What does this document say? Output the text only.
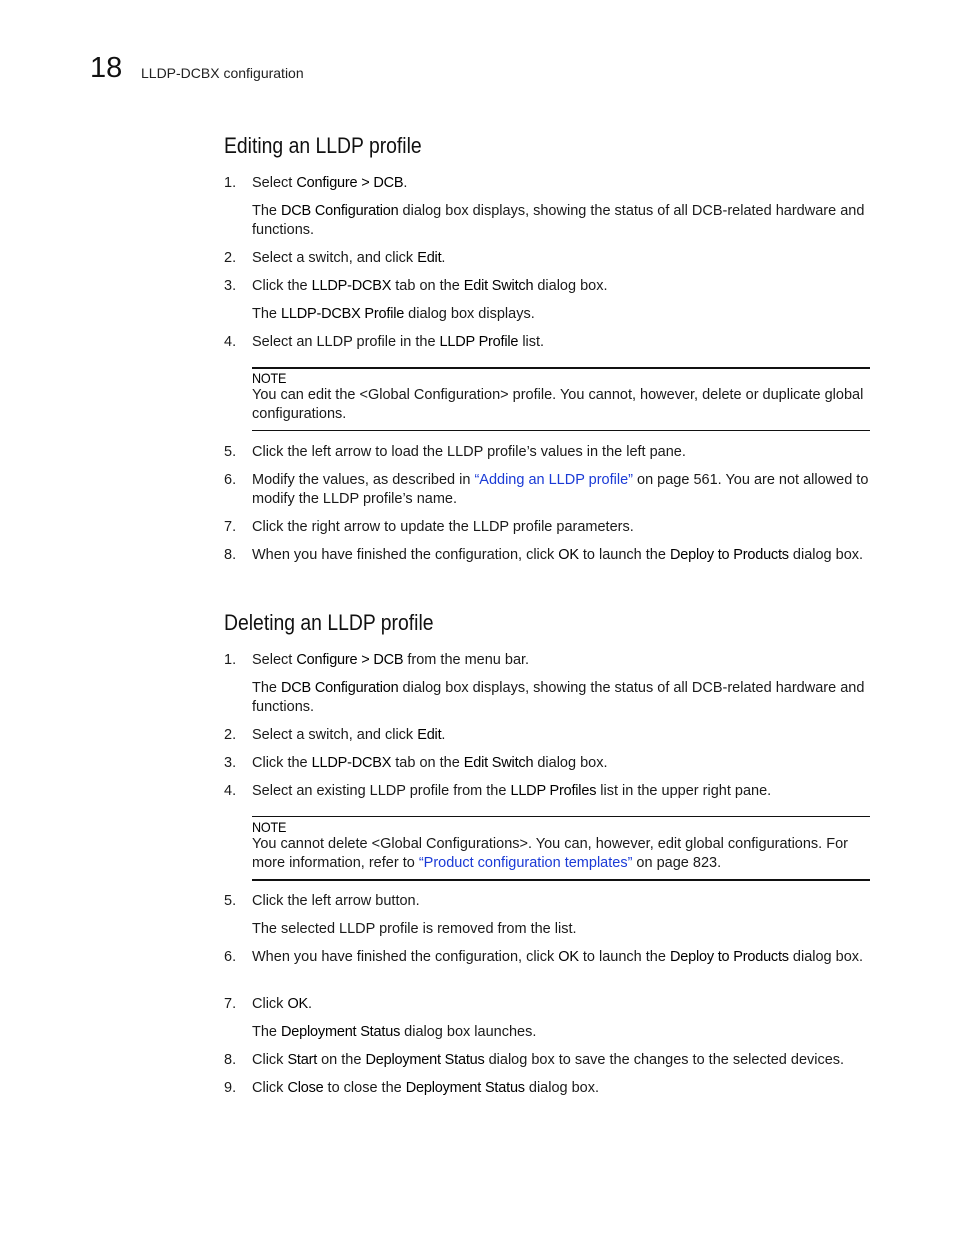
18 LLDP-DCBX configuration
Editing an LLDP profile
1. Select Configure > DCB.
The DCB Configuration dialog box displays, showing the status of all DCB-related hardware and functions.
2. Select a switch, and click Edit.
3. Click the LLDP-DCBX tab on the Edit Switch dialog box.
The LLDP-DCBX Profile dialog box displays.
4. Select an LLDP profile in the LLDP Profile list.
NOTE
You can edit the <Global Configuration> profile. You cannot, however, delete or duplicate global configurations.
5. Click the left arrow to load the LLDP profile’s values in the left pane.
6. Modify the values, as described in “Adding an LLDP profile” on page 561. You are not allowed to modify the LLDP profile’s name.
7. Click the right arrow to update the LLDP profile parameters.
8. When you have finished the configuration, click OK to launch the Deploy to Products dialog box.
Deleting an LLDP profile
1. Select Configure > DCB from the menu bar.
The DCB Configuration dialog box displays, showing the status of all DCB-related hardware and functions.
2. Select a switch, and click Edit.
3. Click the LLDP-DCBX tab on the Edit Switch dialog box.
4. Select an existing LLDP profile from the LLDP Profiles list in the upper right pane.
NOTE
You cannot delete <Global Configurations>. You can, however, edit global configurations. For more information, refer to “Product configuration templates” on page 823.
5. Click the left arrow button.
The selected LLDP profile is removed from the list.
6. When you have finished the configuration, click OK to launch the Deploy to Products dialog box.
7. Click OK.
The Deployment Status dialog box launches.
8. Click Start on the Deployment Status dialog box to save the changes to the selected devices.
9. Click Close to close the Deployment Status dialog box.
